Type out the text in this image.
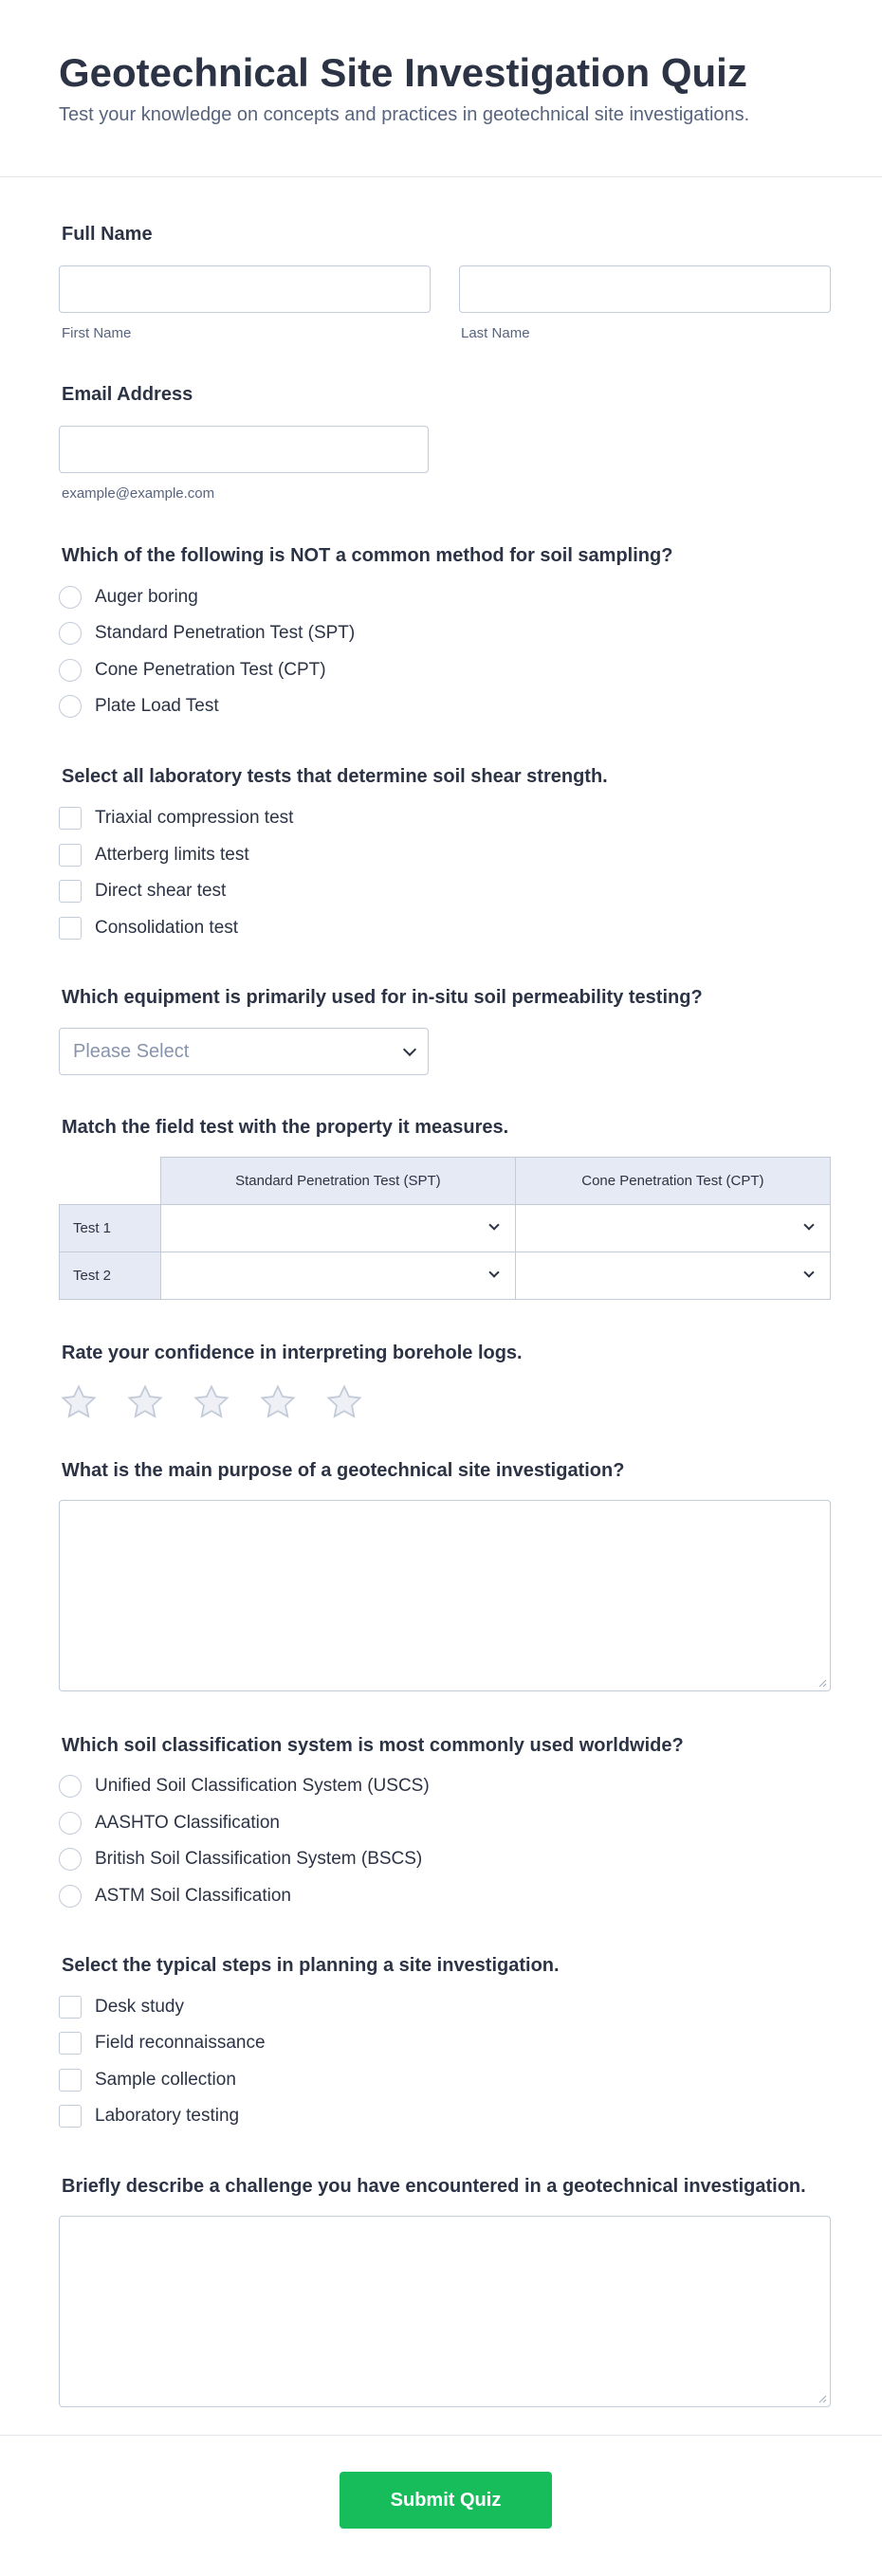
Geotechnical Site Investigation Quiz
Test your knowledge on concepts and practices in geotechnical site investigations.
Full Name
First Name	Last Name
Email Address
example@example.com
Which of the following is NOT a common method for soil sampling?
Auger boring
Standard Penetration Test (SPT)
Cone Penetration Test (CPT)
Plate Load Test
Select all laboratory tests that determine soil shear strength.
Triaxial compression test
Atterberg limits test
Direct shear test
Consolidation test
Which equipment is primarily used for in-situ soil permeability testing?
Please Select
Match the field test with the property it measures.
	Standard Penetration Test (SPT)	Cone Penetration Test (CPT)
Test 1	

Test 2	

Rate your confidence in interpreting borehole logs.
What is the main purpose of a geotechnical site investigation?
Which soil classification system is most commonly used worldwide?
Unified Soil Classification System (USCS)
AASHTO Classification
British Soil Classification System (BSCS)
ASTM Soil Classification
Select the typical steps in planning a site investigation.
Desk study
Field reconnaissance
Sample collection
Laboratory testing
Briefly describe a challenge you have encountered in a geotechnical investigation.
Submit Quiz
